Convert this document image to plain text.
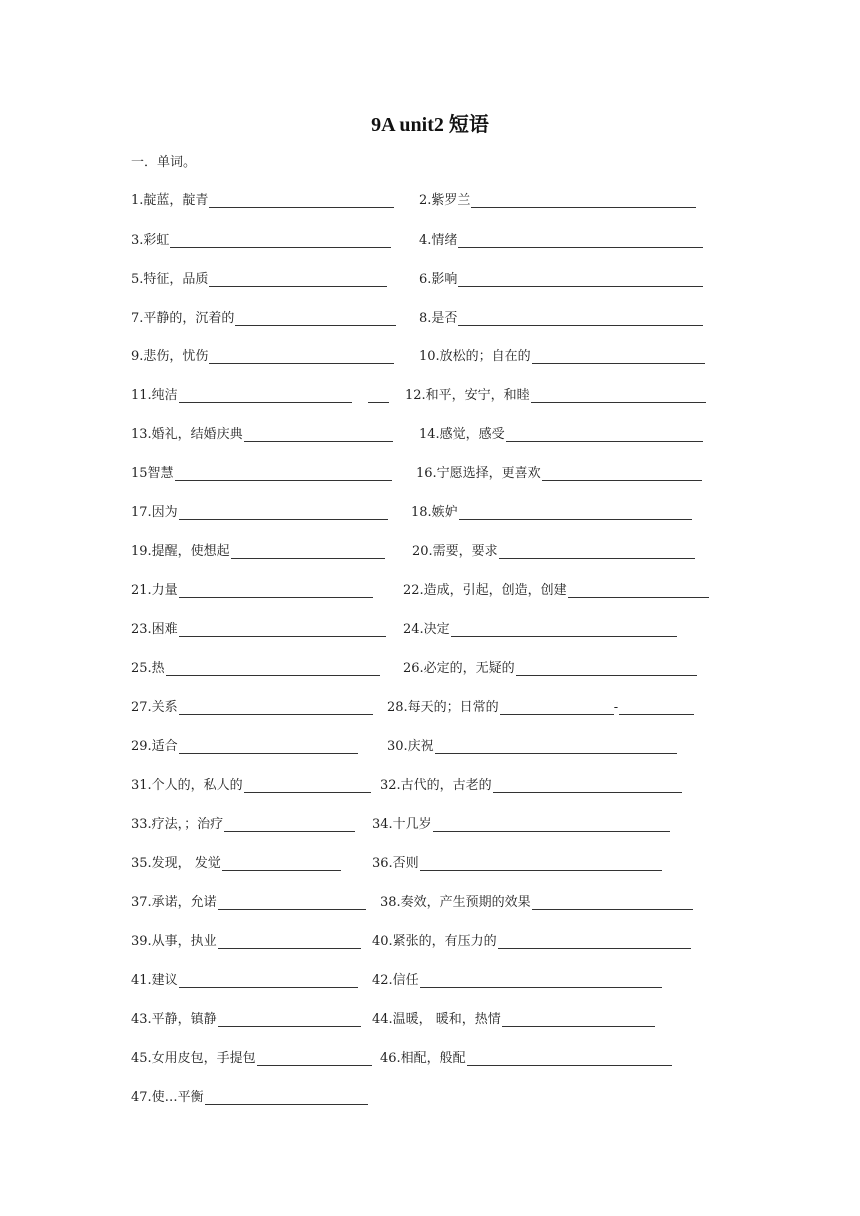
9A unit2 短语
一．单词。
1.靛蓝，靛青	2.紫罗兰
3.彩虹	4.情绪
5.特征，品质	6.影响
7.平静的，沉着的	8.是否
9.悲伤，忧伤	10.放松的；自在的
11.纯洁	12.和平，安宁，和睦
13.婚礼，结婚庆典	14.感觉，感受
15智慧	16.宁愿选择，更喜欢
17.因为	18.嫉妒
19.提醒，使想起	20.需要，要求
21.力量	22.造成，引起，创造，创建
23.困难	24.决定
25.热	26.必定的，无疑的
27.关系	28.每天的；日常的	-
29.适合	30.庆祝
31.个人的，私人的	32.古代的，古老的
33.疗法，；治疗	34.十几岁
35.发现， 发觉	36.否则
37.承诺，允诺	38.奏效，产生预期的效果
39.从事，执业	40.紧张的，有压力的
41.建议	42.信任
43.平静，镇静	44.温暖， 暖和，热情
45.女用皮包，手提包	46.相配，般配
47.使…平衡
